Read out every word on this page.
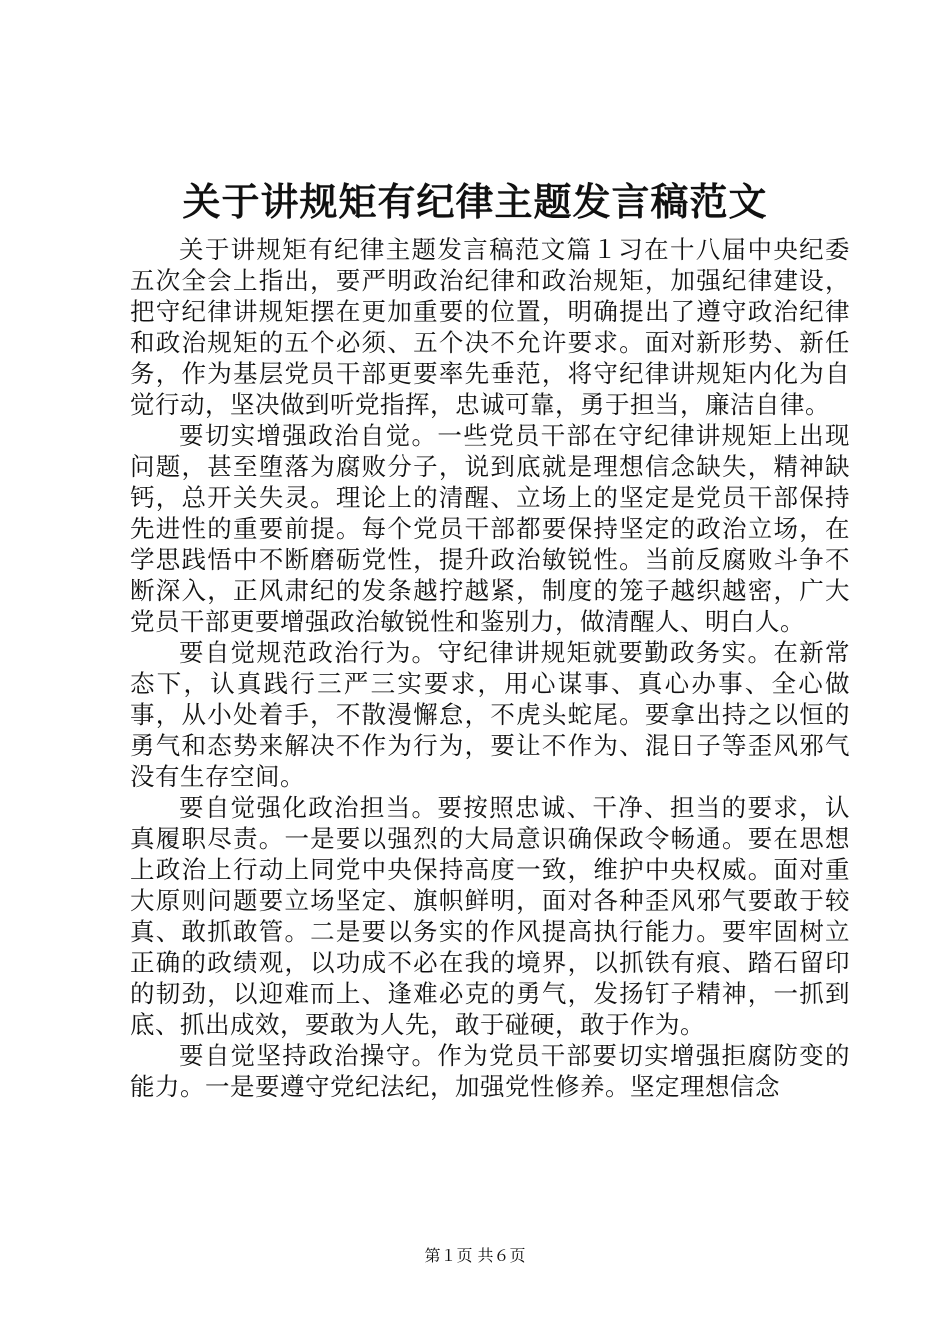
关于讲规矩有纪律主题发言稿范文

关于讲规矩有纪律主题发言稿范文篇１习在十八届中央纪委五次全会上指出，要严明政治纪律和政治规矩，加强纪律建设，把守纪律讲规矩摆在更加重要的位置，明确提出了遵守政治纪律和政治规矩的五个必须、五个决不允许要求。面对新形势、新任务，作为基层党员干部更要率先垂范，将守纪律讲规矩内化为自觉行动，坚决做到听党指挥，忠诚可靠，勇于担当，廉洁自律。

要切实增强政治自觉。一些党员干部在守纪律讲规矩上出现问题，甚至堕落为腐败分子，说到底就是理想信念缺失，精神缺钙，总开关失灵。理论上的清醒、立场上的坚定是党员干部保持先进性的重要前提。每个党员干部都要保持坚定的政治立场，在学思践悟中不断磨砺党性，提升政治敏锐性。当前反腐败斗争不断深入，正风肃纪的发条越拧越紧，制度的笼子越织越密，广大党员干部更要增强政治敏锐性和鉴别力，做清醒人、明白人。

要自觉规范政治行为。守纪律讲规矩就要勤政务实。在新常态下，认真践行三严三实要求，用心谋事、真心办事、全心做事，从小处着手，不散漫懈怠，不虎头蛇尾。要拿出持之以恒的勇气和态势来解决不作为行为，要让不作为、混日子等歪风邪气没有生存空间。

要自觉强化政治担当。要按照忠诚、干净、担当的要求，认真履职尽责。一是要以强烈的大局意识确保政令畅通。要在思想上政治上行动上同党中央保持高度一致，维护中央权威。面对重大原则问题要立场坚定、旗帜鲜明，面对各种歪风邪气要敢于较真、敢抓敢管。二是要以务实的作风提高执行能力。要牢固树立正确的政绩观，以功成不必在我的境界，以抓铁有痕、踏石留印的韧劲，以迎难而上、逢难必克的勇气，发扬钉子精神，一抓到底、抓出成效，要敢为人先，敢于碰硬，敢于作为。

要自觉坚持政治操守。作为党员干部要切实增强拒腐防变的能力。一是要遵守党纪法纪，加强党性修养。坚定理想信念

第１页 共６页
